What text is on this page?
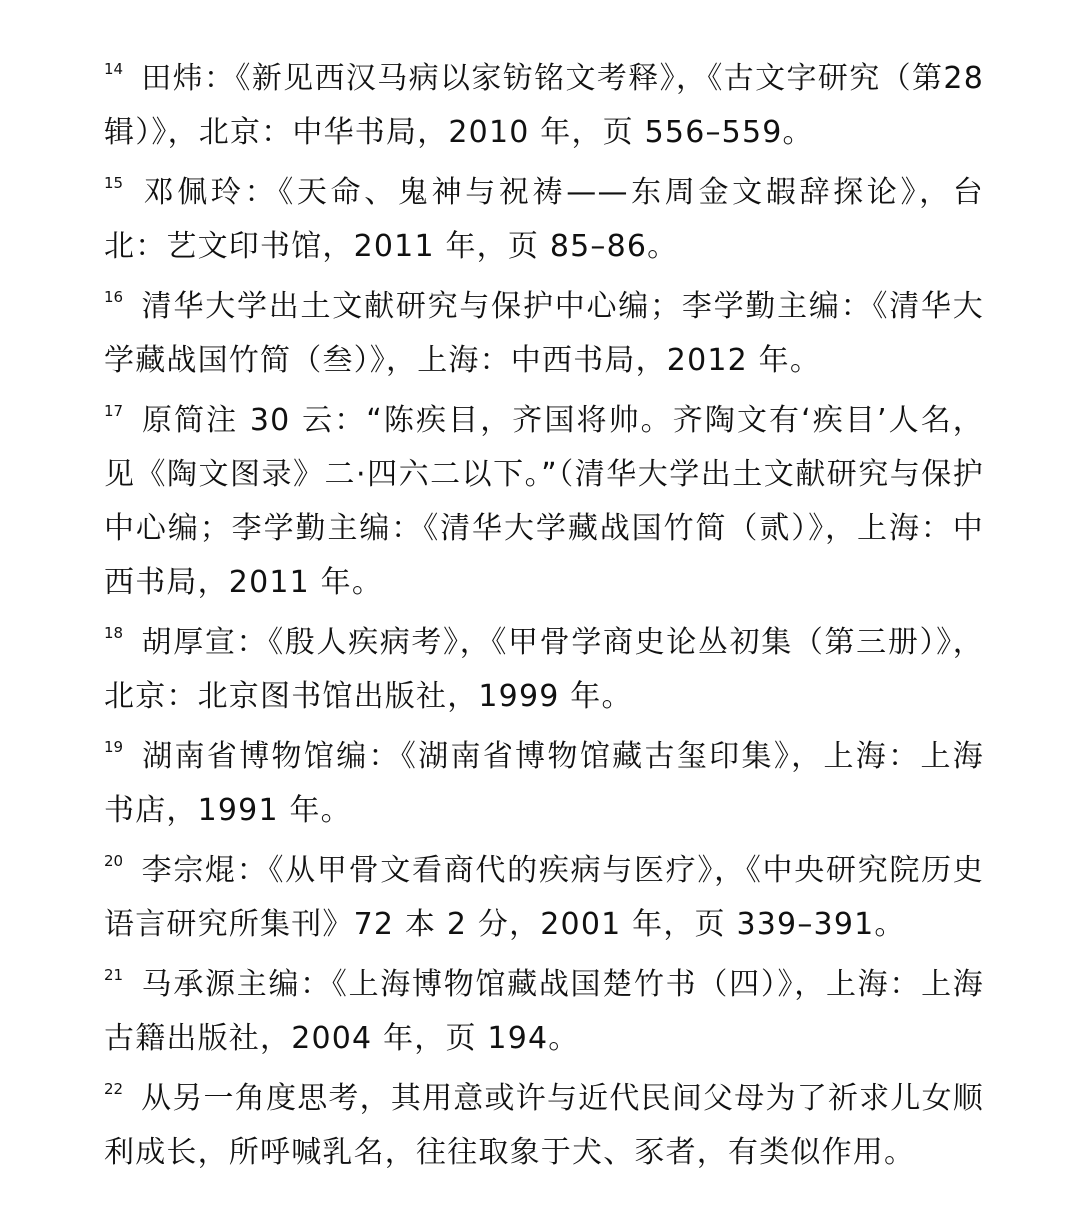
$^{14}$ 田炜：《新见西汉马病以家钫铭文考释》，《古文字研究（第28辑）》，北京：中华书局，2010 年，页 556–559。

$^{15}$ 邓佩玲：《天命、鬼神与祝祷——东周金文嘏辞探论》，台北：艺文印书馆，2011 年，页 85–86。

$^{16}$ 清华大学出土文献研究与保护中心编；李学勤主编：《清华大学藏战国竹简（叁）》，上海：中西书局，2012 年。

$^{17}$ 原简注 30 云：“陈疾目，齐国将帅。齐陶文有‘疾目’人名，见《陶文图录》二·四六二以下。”（清华大学出土文献研究与保护中心编；李学勤主编：《清华大学藏战国竹简（贰）》，上海：中西书局，2011 年。

$^{18}$ 胡厚宣：《殷人疾病考》，《甲骨学商史论丛初集（第三册）》，北京：北京图书馆出版社，1999 年。

$^{19}$ 湖南省博物馆编：《湖南省博物馆藏古玺印集》，上海：上海书店，1991 年。

$^{20}$ 李宗焜：《从甲骨文看商代的疾病与医疗》，《中央研究院历史语言研究所集刊》72 本 2 分，2001 年，页 339–391。

$^{21}$ 马承源主编：《上海博物馆藏战国楚竹书（四）》，上海：上海古籍出版社，2004 年，页 194。

$^{22}$ 从另一角度思考，其用意或许与近代民间父母为了祈求儿女顺利成长，所呼喊乳名，往往取象于犬、豕者，有类似作用。
